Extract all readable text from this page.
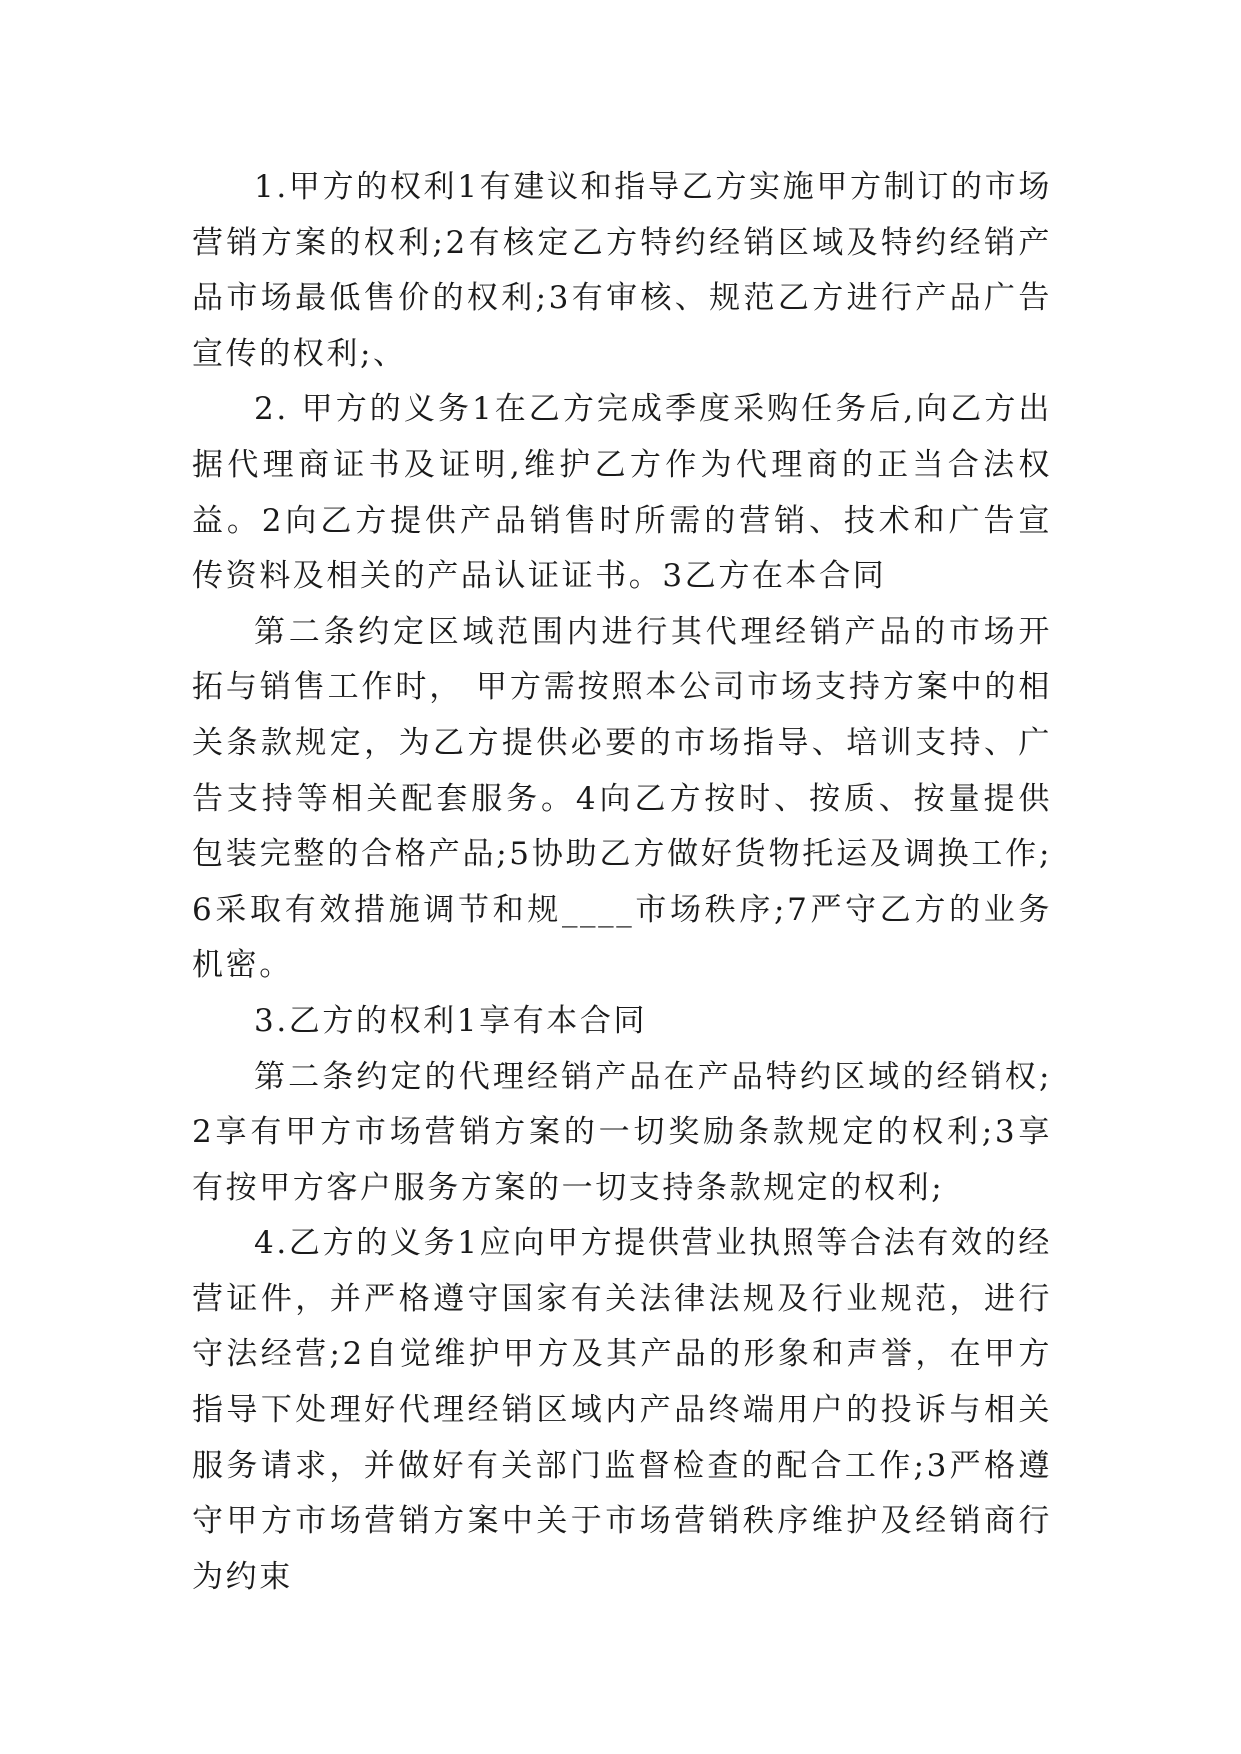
1.甲方的权利1有建议和指导乙方实施甲方制订的市场营销方案的权利;2有核定乙方特约经销区域及特约经销产品市场最低售价的权利;3有审核、规范乙方进行产品广告宣传的权利;、

2. 甲方的义务1在乙方完成季度采购任务后,向乙方出据代理商证书及证明,维护乙方作为代理商的正当合法权益。2向乙方提供产品销售时所需的营销、技术和广告宣传资料及相关的产品认证证书。3乙方在本合同

第二条约定区域范围内进行其代理经销产品的市场开拓与销售工作时， 甲方需按照本公司市场支持方案中的相关条款规定，为乙方提供必要的市场指导、培训支持、广告支持等相关配套服务。4向乙方按时、按质、按量提供包装完整的合格产品;5协助乙方做好货物托运及调换工作;6采取有效措施调节和规____市场秩序;7严守乙方的业务机密。

3.乙方的权利1享有本合同

第二条约定的代理经销产品在产品特约区域的经销权;2享有甲方市场营销方案的一切奖励条款规定的权利;3享有按甲方客户服务方案的一切支持条款规定的权利;

4.乙方的义务1应向甲方提供营业执照等合法有效的经营证件，并严格遵守国家有关法律法规及行业规范，进行守法经营;2自觉维护甲方及其产品的形象和声誉，在甲方指导下处理好代理经销区域内产品终端用户的投诉与相关服务请求，并做好有关部门监督检查的配合工作;3严格遵守甲方市场营销方案中关于市场营销秩序维护及经销商行为约束
